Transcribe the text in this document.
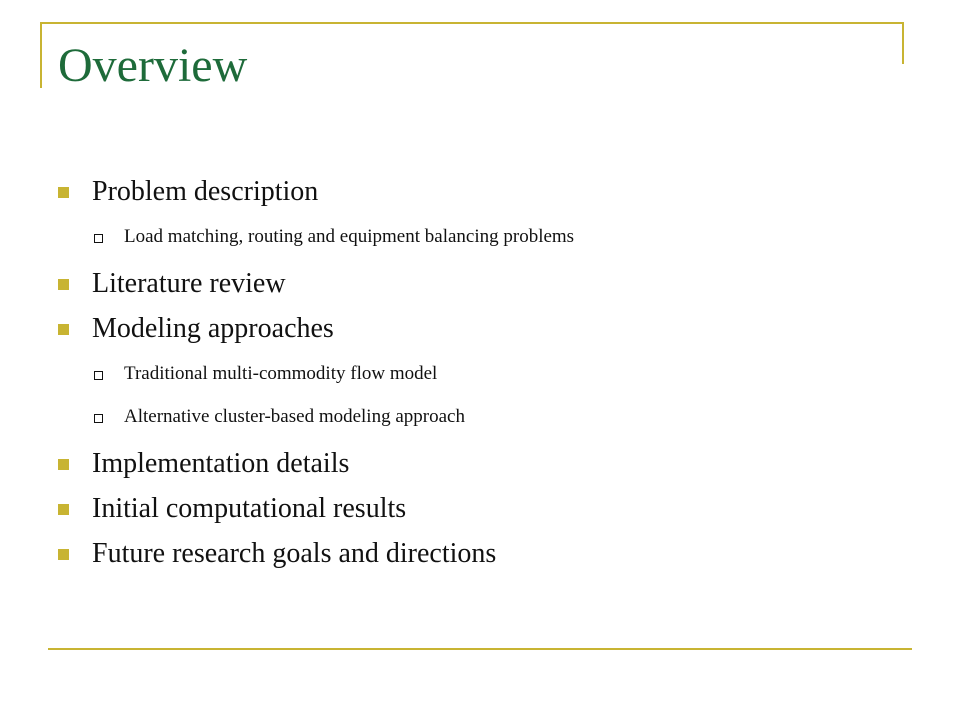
Overview
Problem description
Load matching, routing and equipment balancing problems
Literature review
Modeling approaches
Traditional multi-commodity flow model
Alternative cluster-based modeling approach
Implementation details
Initial computational results
Future research goals and directions
